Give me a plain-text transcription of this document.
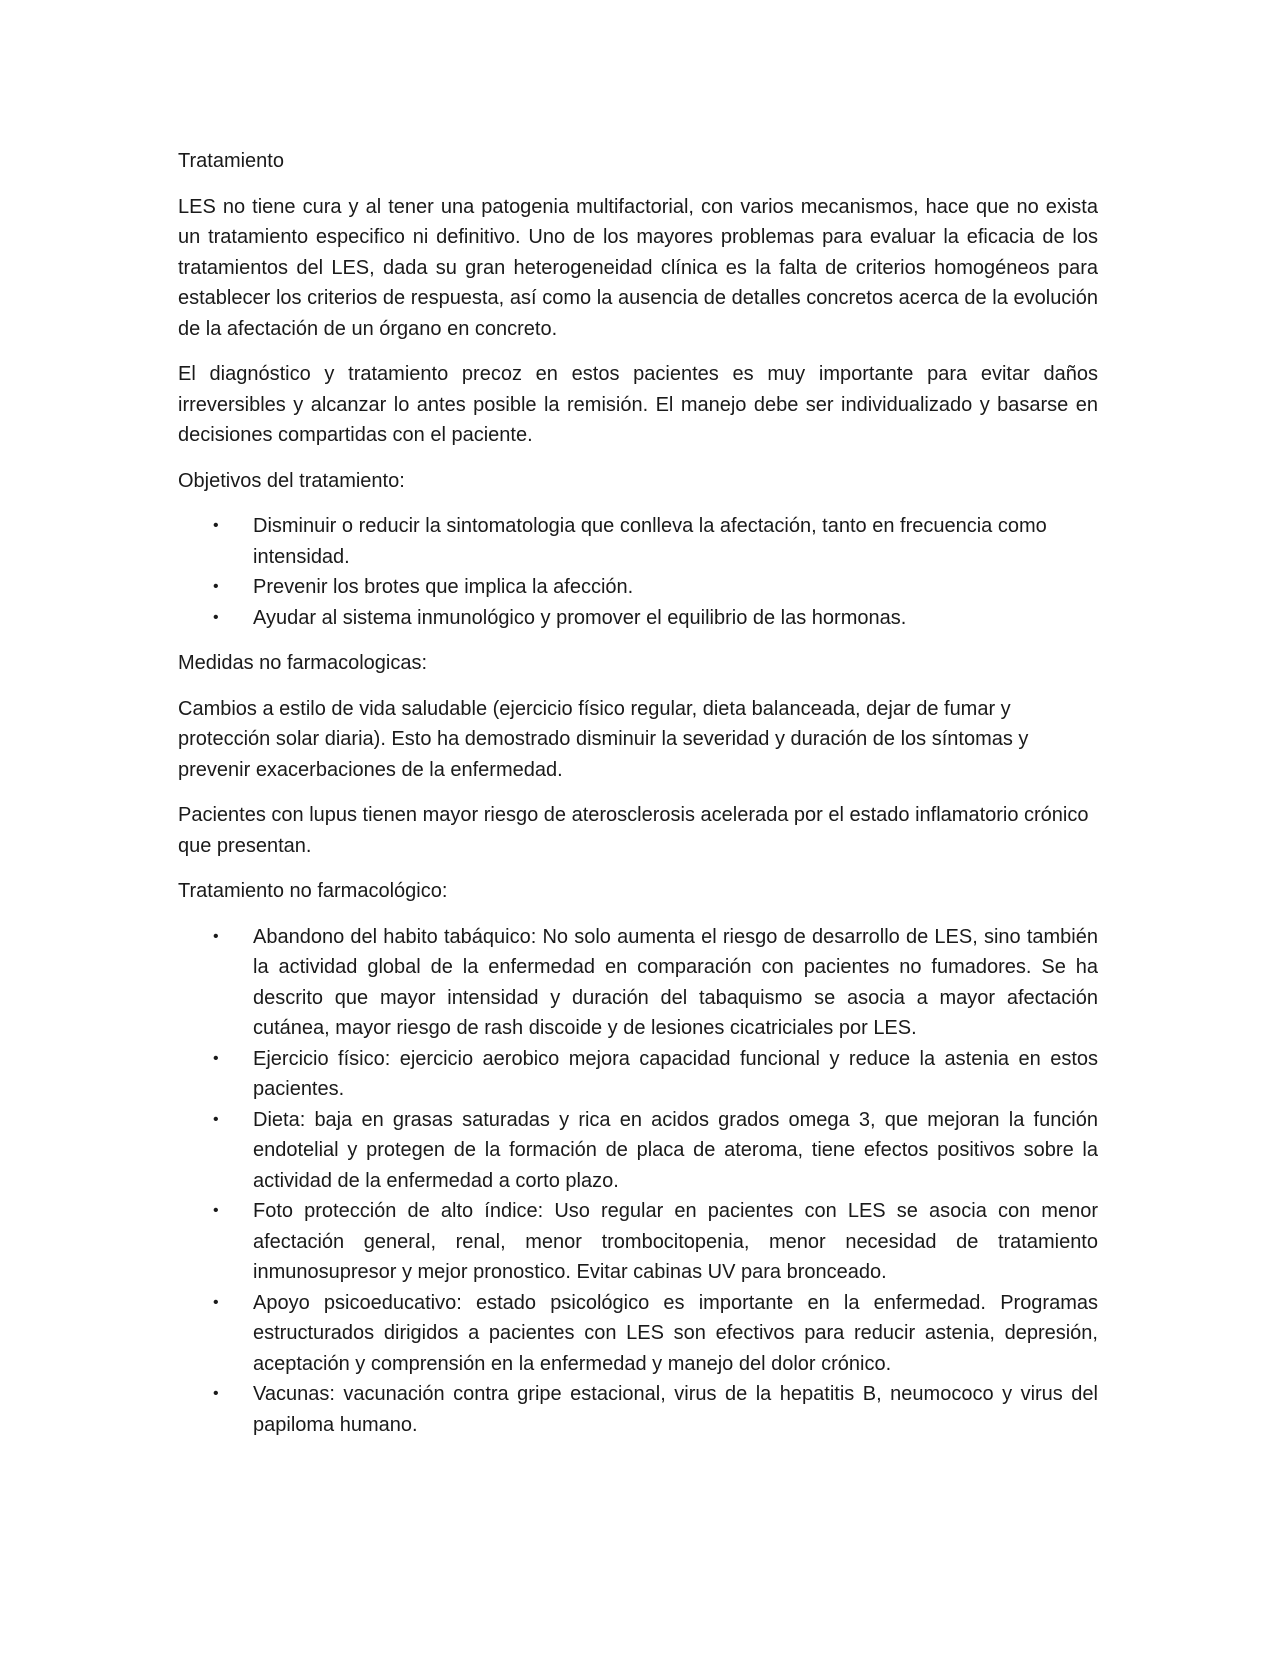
Tratamiento

LES no tiene cura y al tener una patogenia multifactorial, con varios mecanismos, hace que no exista un tratamiento especifico ni definitivo. Uno de los mayores problemas para evaluar la eficacia de los tratamientos del LES, dada su gran heterogeneidad clínica es la falta de criterios homogéneos para establecer los criterios de respuesta, así como la ausencia de detalles concretos acerca de la evolución de la afectación de un órgano en concreto.

El diagnóstico y tratamiento precoz en estos pacientes es muy importante para evitar daños irreversibles y alcanzar lo antes posible la remisión. El manejo debe ser individualizado y basarse en decisiones compartidas con el paciente.

Objetivos del tratamiento:

•	Disminuir o reducir la sintomatologia que conlleva la afectación, tanto en frecuencia como intensidad.
•	Prevenir los brotes que implica la afección.
•	Ayudar al sistema inmunológico y promover el equilibrio de las hormonas.

Medidas no farmacologicas:

Cambios a estilo de vida saludable (ejercicio físico regular, dieta balanceada, dejar de fumar y protección solar diaria). Esto ha demostrado disminuir la severidad y duración de los síntomas y prevenir exacerbaciones de la enfermedad.

Pacientes con lupus tienen mayor riesgo de aterosclerosis acelerada por el estado inflamatorio crónico que presentan.

Tratamiento no farmacológico:

•	Abandono del habito tabáquico: No solo aumenta el riesgo de desarrollo de LES, sino también la actividad global de la enfermedad en comparación con pacientes no fumadores. Se ha descrito que mayor intensidad y duración del tabaquismo se asocia a mayor afectación cutánea, mayor riesgo de rash discoide y de lesiones cicatriciales por LES.
•	Ejercicio físico: ejercicio aerobico mejora capacidad funcional y reduce la astenia en estos pacientes.
•	Dieta: baja en grasas saturadas y rica en acidos grados omega 3, que mejoran la función endotelial y protegen de la formación de placa de ateroma, tiene efectos positivos sobre la actividad de la enfermedad a corto plazo.
•	Foto protección de alto índice: Uso regular en pacientes con LES se asocia con menor afectación general, renal, menor trombocitopenia, menor necesidad de tratamiento inmunosupresor y mejor pronostico. Evitar cabinas UV para bronceado.
•	Apoyo psicoeducativo: estado psicológico es importante en la enfermedad. Programas estructurados dirigidos a pacientes con LES son efectivos para reducir astenia, depresión, aceptación y comprensión en la enfermedad y manejo del dolor crónico.
•	Vacunas: vacunación contra gripe estacional, virus de la hepatitis B, neumococo y virus del papiloma humano.
